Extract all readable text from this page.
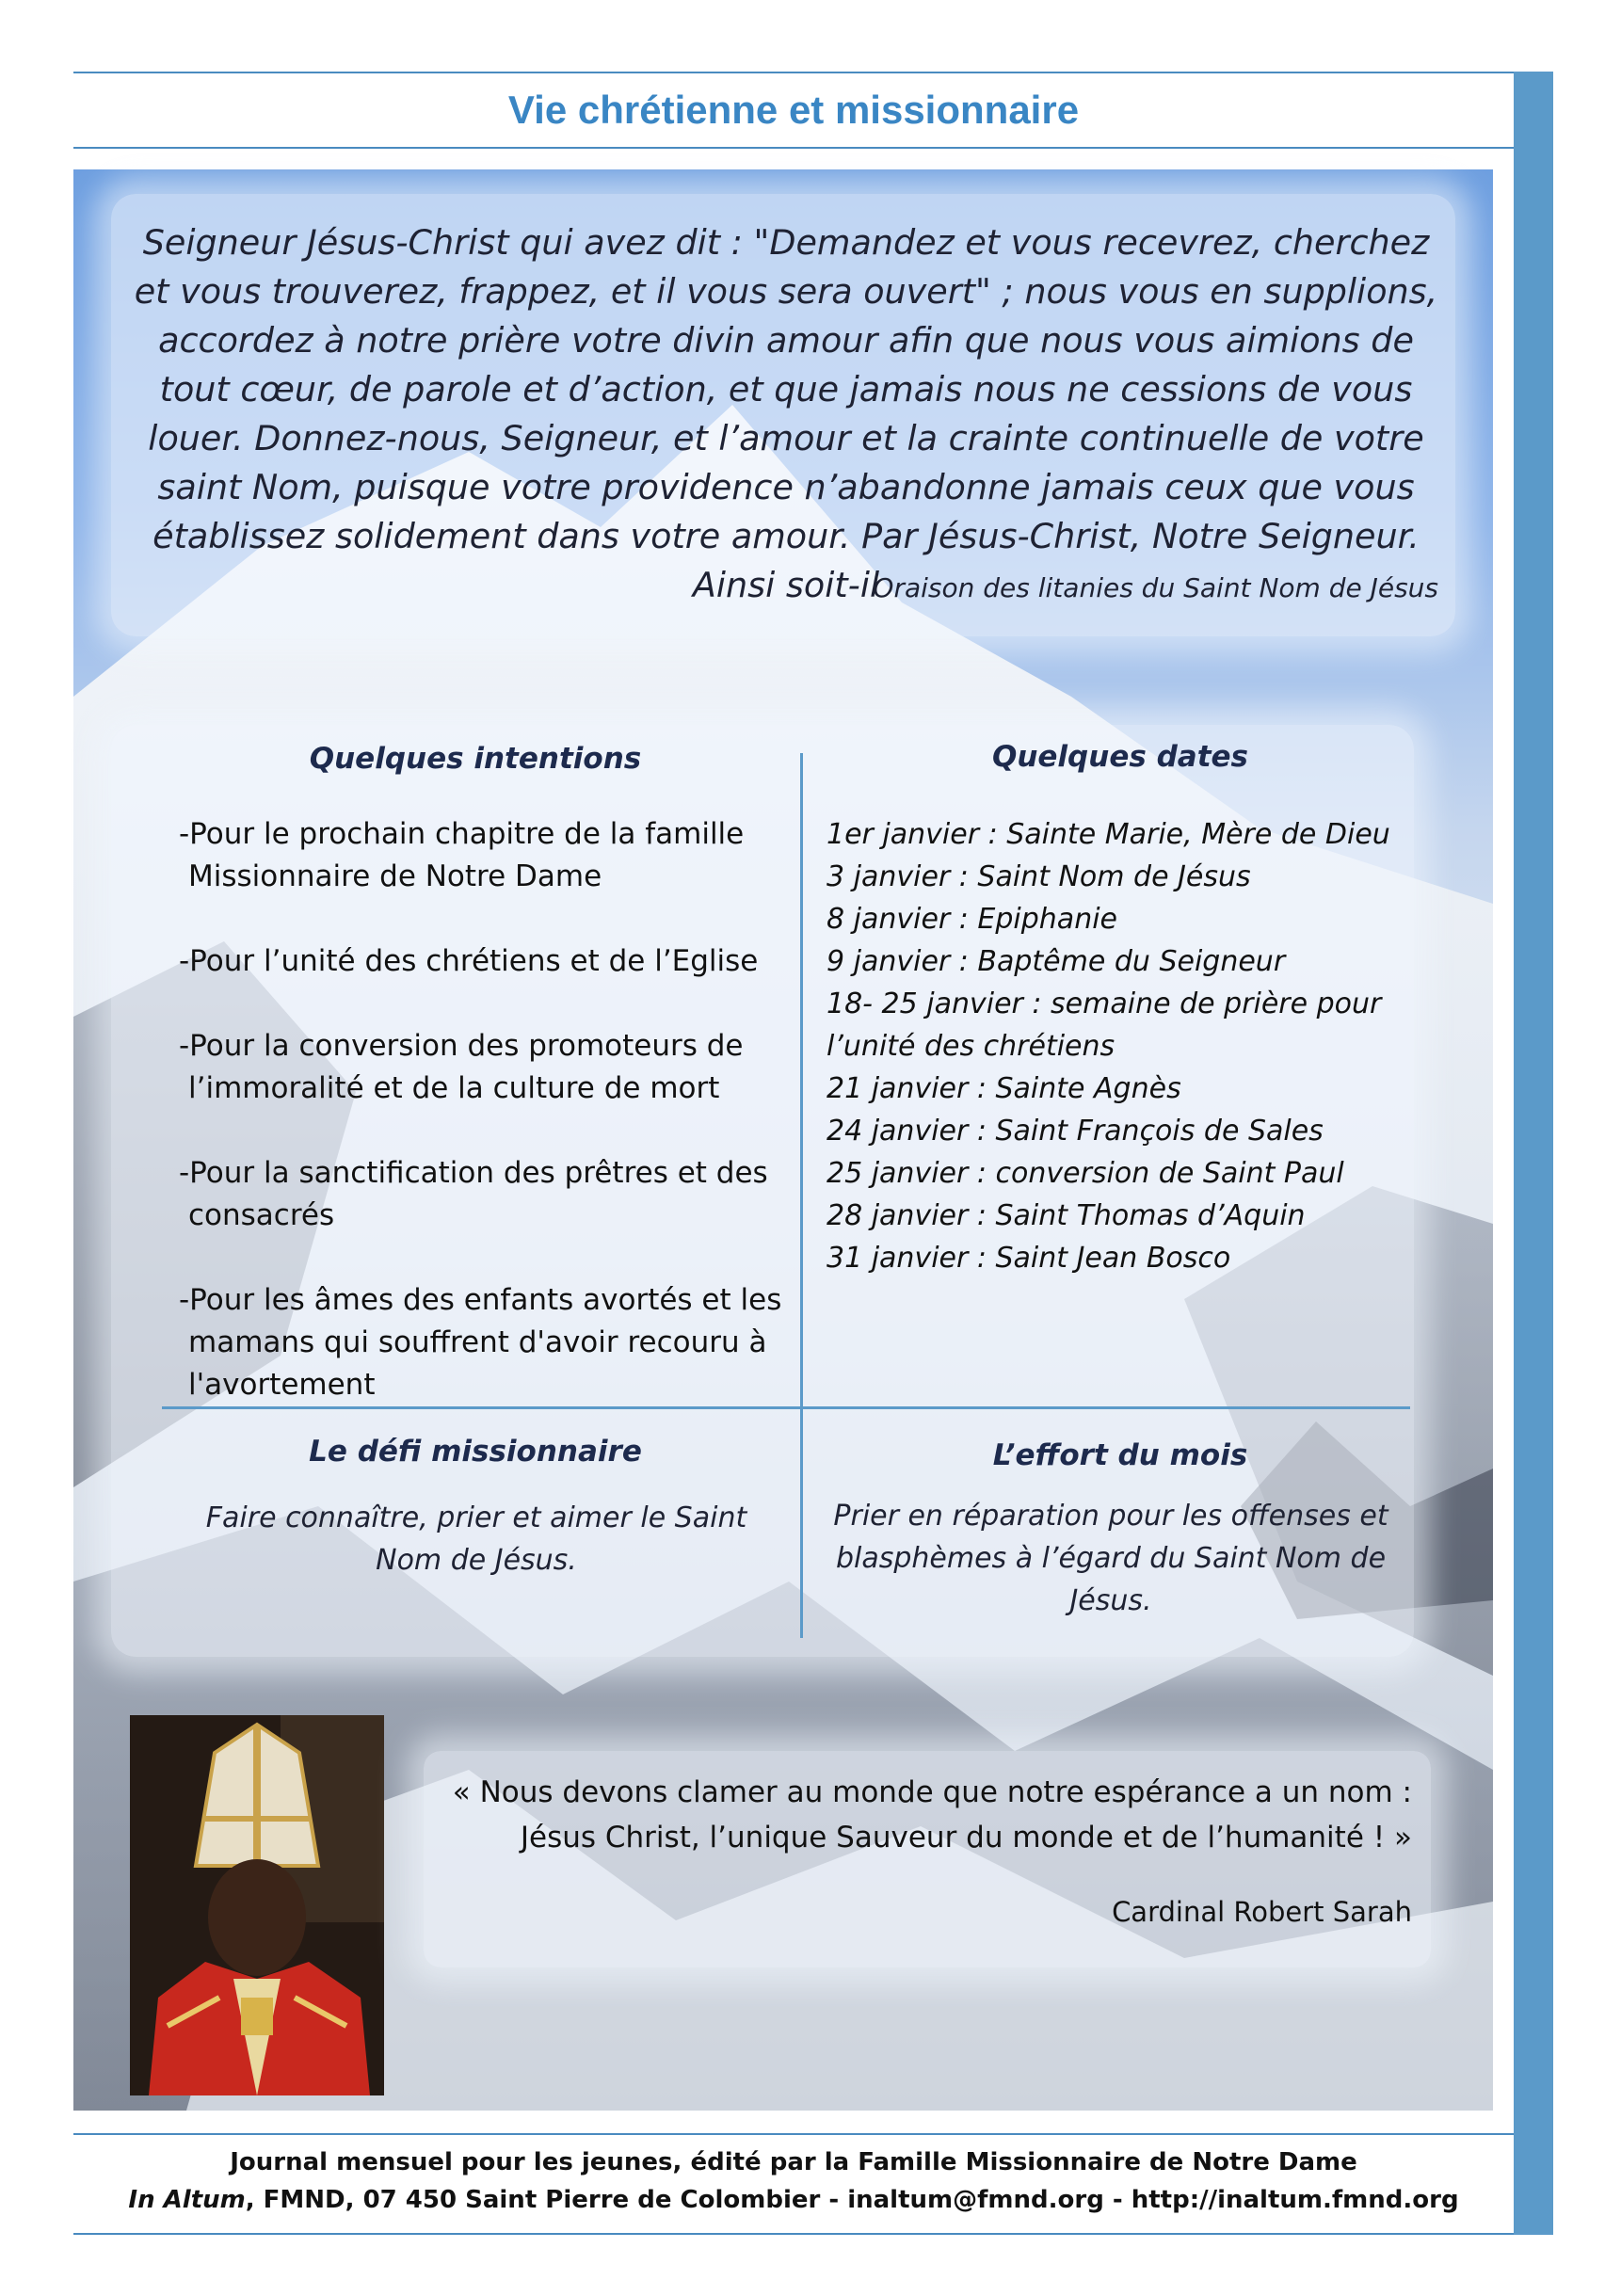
Vie chrétienne et missionnaire
Seigneur Jésus-Christ qui avez dit : "Demandez et vous recevrez, cherchez et vous trouverez, frappez, et il vous sera ouvert" ; nous vous en supplions, accordez à notre prière votre divin amour afin que nous vous aimions de tout cœur, de parole et d’action, et que jamais nous ne cessions de vous louer. Donnez-nous, Seigneur, et l’amour et la crainte continuelle de votre saint Nom, puisque votre providence n’abandonne jamais ceux que vous établissez solidement dans votre amour. Par Jésus-Christ, Notre Seigneur. Ainsi soit-il
Oraison des litanies du Saint Nom de Jésus
Quelques intentions
-Pour le prochain chapitre de la famille Missionnaire de Notre Dame
-Pour l’unité des chrétiens et de l’Eglise
-Pour la conversion des promoteurs de l’immoralité et de la culture de mort
-Pour la sanctification des prêtres et des consacrés
-Pour les âmes des enfants avortés et les mamans qui souffrent d'avoir recouru à l'avortement
Quelques dates
1er janvier : Sainte Marie, Mère de Dieu
3 janvier : Saint Nom de Jésus
8 janvier : Epiphanie
9 janvier : Baptême du Seigneur
18- 25 janvier : semaine de prière pour l’unité des chrétiens
21 janvier : Sainte Agnès
24 janvier : Saint François de Sales
25 janvier : conversion de Saint Paul
28 janvier : Saint Thomas d’Aquin
31 janvier : Saint Jean Bosco
Le défi missionnaire
Faire connaître, prier et aimer le Saint Nom de Jésus.
L’effort du mois
Prier en réparation pour les offenses et blasphèmes à l’égard du Saint Nom de Jésus.
« Nous devons clamer au monde que notre espérance a un nom :
Jésus Christ, l’unique Sauveur du monde et de l’humanité ! »
Cardinal Robert Sarah
Journal mensuel pour les jeunes, édité par la Famille Missionnaire de Notre Dame
In Altum, FMND, 07 450 Saint Pierre de Colombier - inaltum@fmnd.org - http://inaltum.fmnd.org
